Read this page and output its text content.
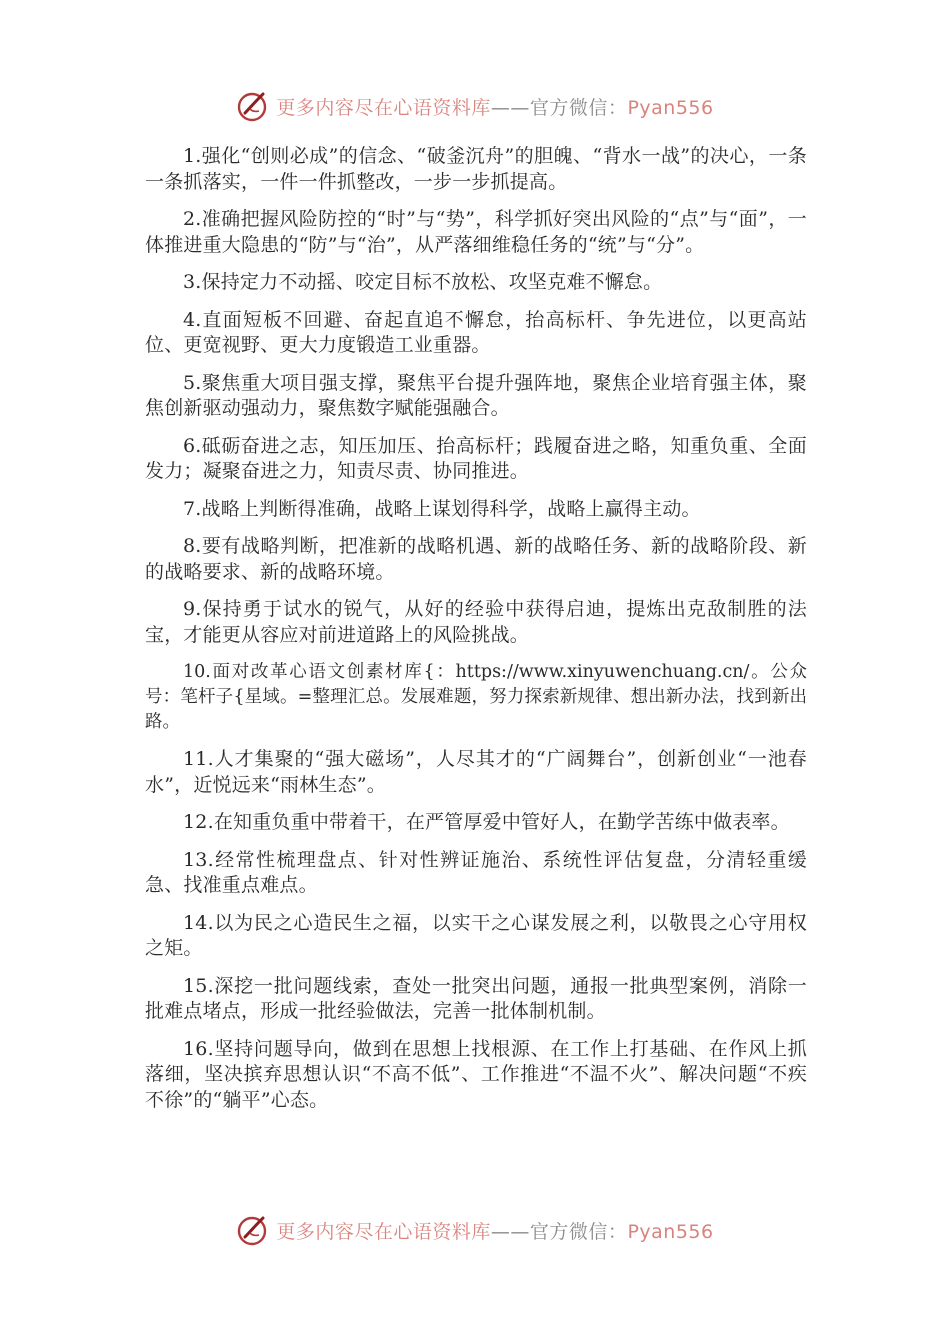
更多内容尽在心语资料库——官方微信：Pyan556

1.强化“创则必成”的信念、“破釜沉舟”的胆魄、“背水一战”的决心，一条一条抓落实，一件一件抓整改，一步一步抓提高。

2.准确把握风险防控的“时”与“势”，科学抓好突出风险的“点”与“面”，一体推进重大隐患的“防”与“治”，从严落细维稳任务的“统”与“分”。

3.保持定力不动摇、咬定目标不放松、攻坚克难不懈怠。

4.直面短板不回避、奋起直追不懈怠，抬高标杆、争先进位，以更高站位、更宽视野、更大力度锻造工业重器。

5.聚焦重大项目强支撑，聚焦平台提升强阵地，聚焦企业培育强主体，聚焦创新驱动强动力，聚焦数字赋能强融合。

6.砥砺奋进之志，知压加压、抬高标杆；践履奋进之略，知重负重、全面发力；凝聚奋进之力，知责尽责、协同推进。

7.战略上判断得准确，战略上谋划得科学，战略上赢得主动。

8.要有战略判断，把准新的战略机遇、新的战略任务、新的战略阶段、新的战略要求、新的战略环境。

9.保持勇于试水的锐气，从好的经验中获得启迪，提炼出克敌制胜的法宝，才能更从容应对前进道路上的风险挑战。

10.面对改革心语文创素材库{：https://www.xinyuwenchuang.cn/。公众号：笔杆子{星域。=整理汇总。发展难题，努力探索新规律、想出新办法，找到新出路。

11.人才集聚的“强大磁场”，人尽其才的“广阔舞台”，创新创业“一池春水”，近悦远来“雨林生态”。

12.在知重负重中带着干，在严管厚爱中管好人，在勤学苦练中做表率。

13.经常性梳理盘点、针对性辨证施治、系统性评估复盘，分清轻重缓急、找准重点难点。

14.以为民之心造民生之福，以实干之心谋发展之利，以敬畏之心守用权之矩。

15.深挖一批问题线索，查处一批突出问题，通报一批典型案例，消除一批难点堵点，形成一批经验做法，完善一批体制机制。

16.坚持问题导向，做到在思想上找根源、在工作上打基础、在作风上抓落细，坚决摈弃思想认识“不高不低”、工作推进“不温不火”、解决问题“不疾不徐”的“躺平”心态。

更多内容尽在心语资料库——官方微信：Pyan556
